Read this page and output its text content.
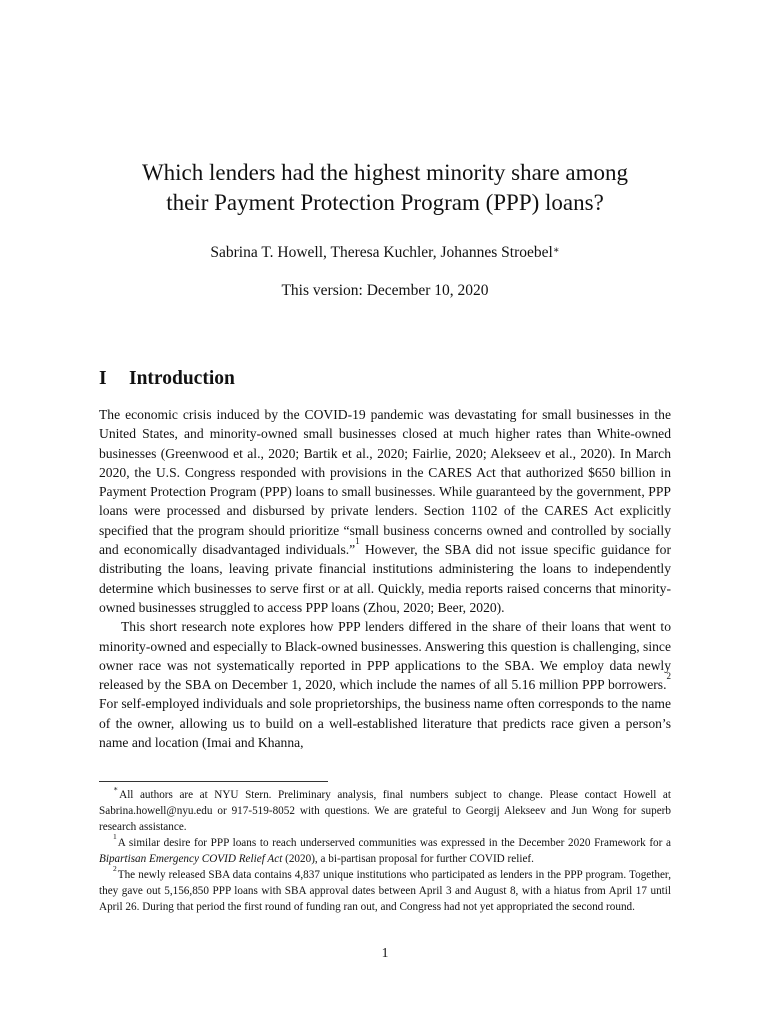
Which lenders had the highest minority share among
their Payment Protection Program (PPP) loans?
Sabrina T. Howell, Theresa Kuchler, Johannes Stroebel∗
This version: December 10, 2020
I Introduction

The economic crisis induced by the COVID-19 pandemic was devastating for small businesses in the United States, and minority-owned small businesses closed at much higher rates than White-owned businesses (Greenwood et al., 2020; Bartik et al., 2020; Fairlie, 2020; Alekseev et al., 2020). In March 2020, the U.S. Congress responded with provisions in the CARES Act that authorized $650 billion in Payment Protection Program (PPP) loans to small businesses. While guaranteed by the government, PPP loans were processed and disbursed by private lenders. Section 1102 of the CARES Act explicitly specified that the program should prioritize “small business concerns owned and controlled by socially and economically disadvantaged individuals.”$^1$ However, the SBA did not issue specific guidance for distributing the loans, leaving private financial institutions administering the loans to independently determine which businesses to serve first or at all. Quickly, media reports raised concerns that minority-owned businesses struggled to access PPP loans (Zhou, 2020; Beer, 2020).

This short research note explores how PPP lenders differed in the share of their loans that went to minority-owned and especially to Black-owned businesses. Answering this question is challenging, since owner race was not systematically reported in PPP applications to the SBA. We employ data newly released by the SBA on December 1, 2020, which include the names of all 5.16 million PPP borrowers.$^2$ For self-employed individuals and sole proprietorships, the business name often corresponds to the name of the owner, allowing us to build on a well-established literature that predicts race given a person’s name and location (Imai and Khanna,

∗All authors are at NYU Stern. Preliminary analysis, final numbers subject to change. Please contact Howell at Sabrina.howell@nyu.edu or 917-519-8052 with questions. We are grateful to Georgij Alekseev and Jun Wong for superb research assistance.

$^1$A similar desire for PPP loans to reach underserved communities was expressed in the December 2020 Framework for a Bipartisan Emergency COVID Relief Act (2020), a bi-partisan proposal for further COVID relief.

$^2$The newly released SBA data contains 4,837 unique institutions who participated as lenders in the PPP program. Together, they gave out 5,156,850 PPP loans with SBA approval dates between April 3 and August 8, with a hiatus from April 17 until April 26. During that period the first round of funding ran out, and Congress had not yet appropriated the second round.

1
